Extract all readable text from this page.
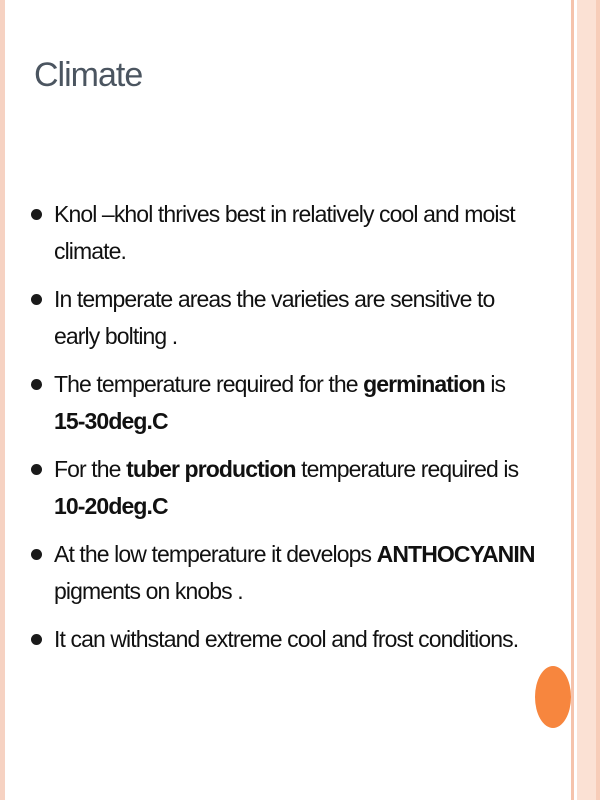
Climate
Knol –khol thrives best in relatively cool and moist climate.
In temperate areas the varieties are sensitive to early bolting .
The temperature required for the germination is 15-30deg.C
For the tuber production temperature required is 10-20deg.C
At the low temperature it develops ANTHOCYANIN pigments on knobs .
It can withstand extreme cool and frost conditions.
